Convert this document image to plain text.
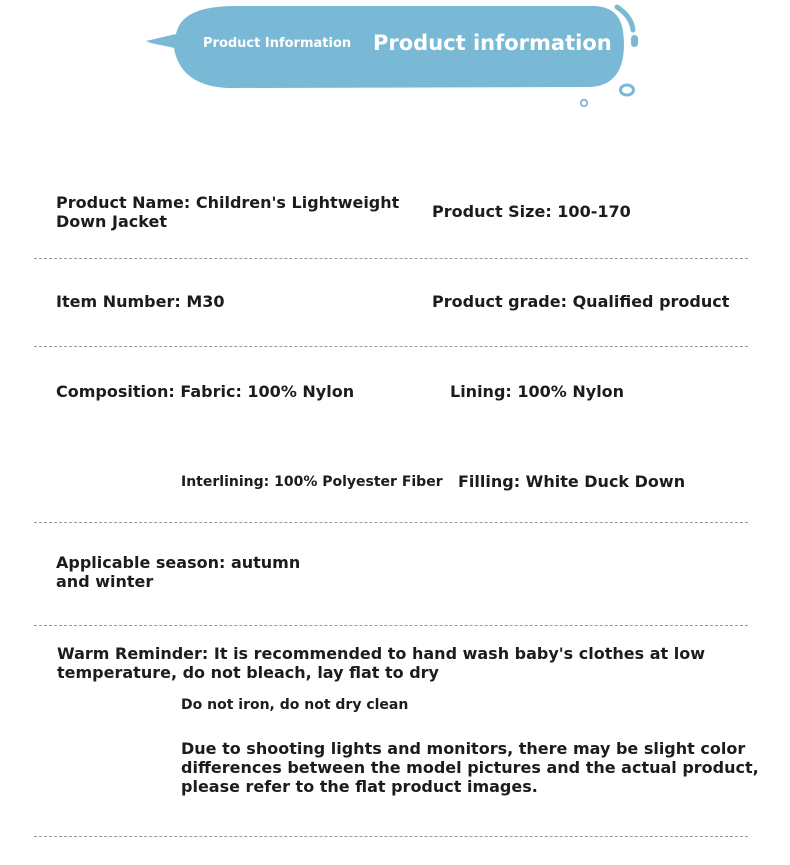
Product Information Product information
Product Name: Children's Lightweight
Down Jacket
Product Size: 100-170
Item Number: M30	Product grade: Qualified product
Composition: Fabric: 100% Nylon	Lining: 100% Nylon
Interlining: 100% Polyester Fiber Filling: White Duck Down
Applicable season: autumn
and winter
Warm Reminder: It is recommended to hand wash baby's clothes at low
temperature, do not bleach, lay flat to dry
Do not iron, do not dry clean
Due to shooting lights and monitors, there may be slight color
differences between the model pictures and the actual product,
please refer to the flat product images.
